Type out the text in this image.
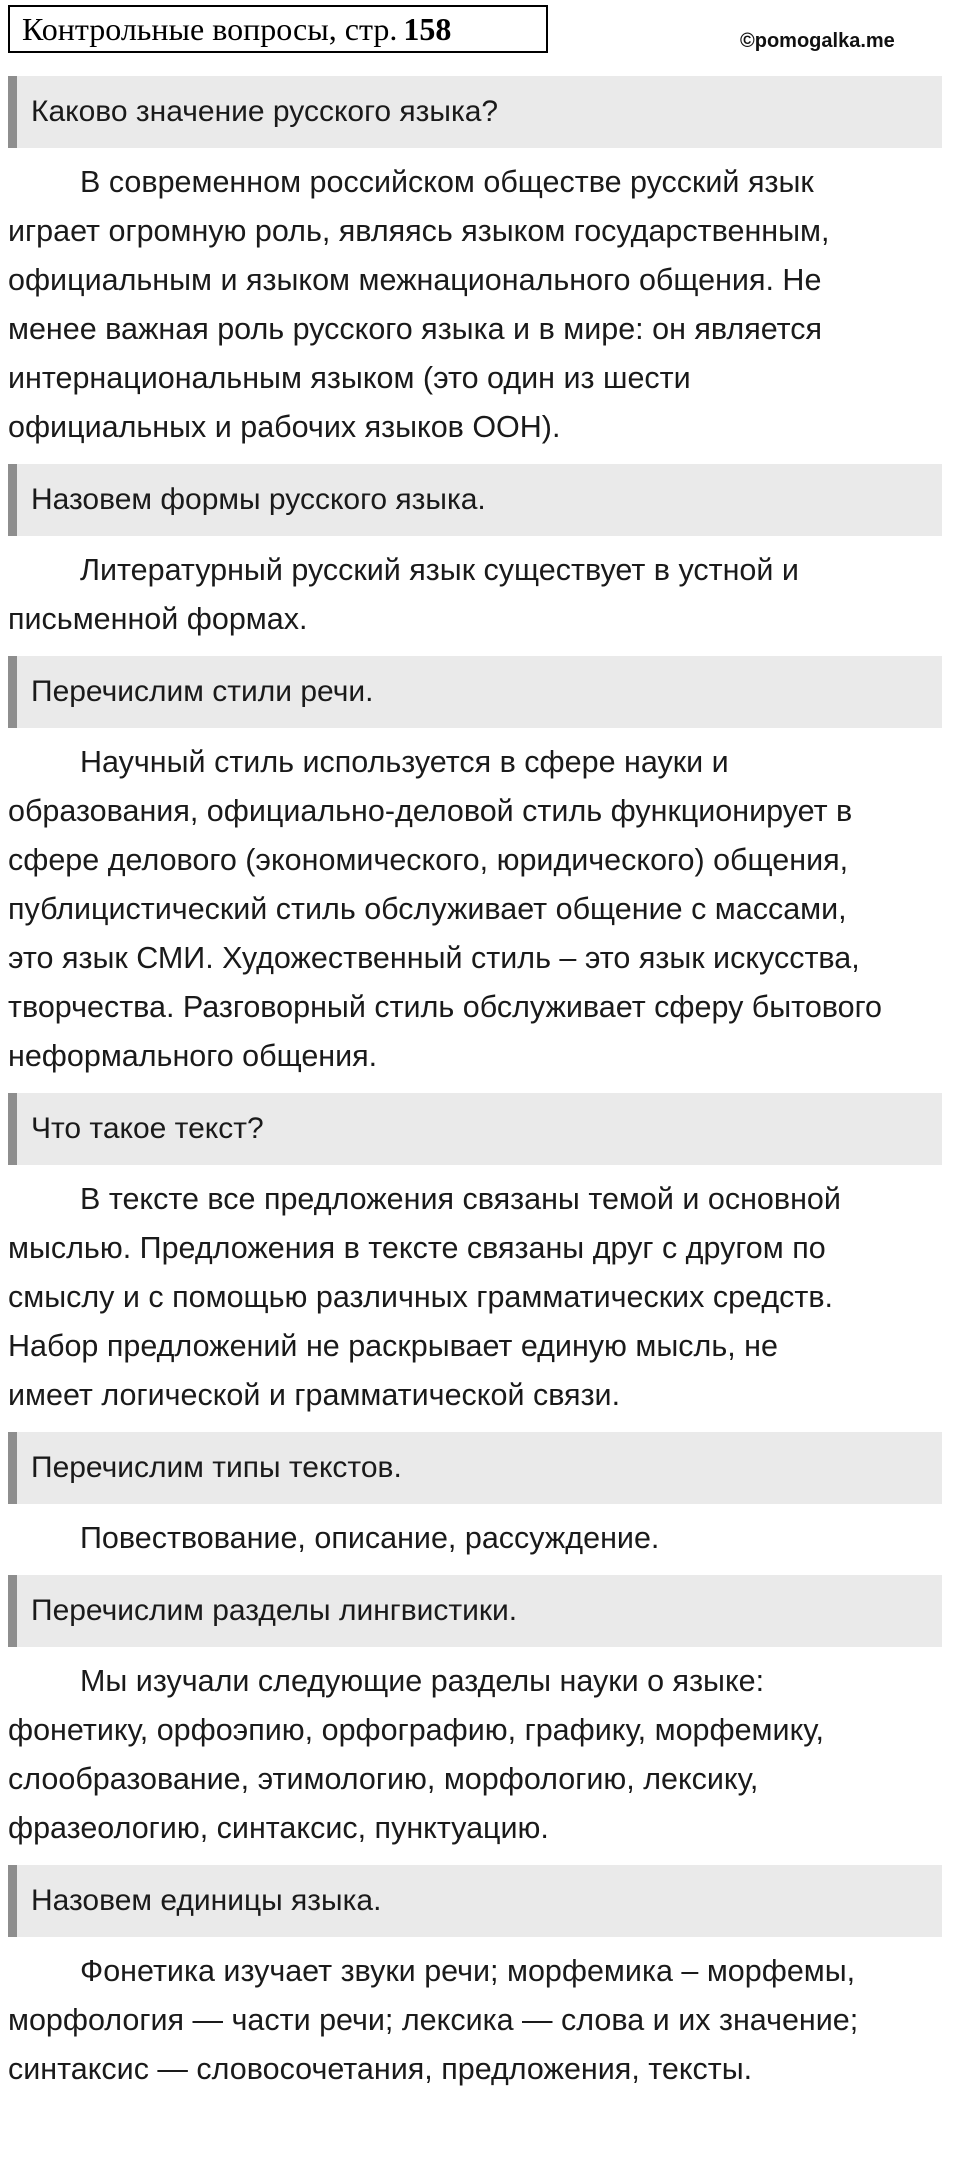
Контрольные вопросы, стр. 158	©pomogalka.me
Каково значение русского языка?
В современном российском обществе русский язык
играет огромную роль, являясь языком государственным,
официальным и языком межнационального общения. Не
менее важная роль русского языка и в мире: он является
интернациональным языком (это один из шести
официальных и рабочих языков ООН).
Назовем формы русского языка.
Литературный русский язык существует в устной и
письменной формах.
Перечислим стили речи.
Научный стиль используется в сфере науки и
образования, официально-деловой стиль функционирует в
сфере делового (экономического, юридического) общения,
публицистический стиль обслуживает общение с массами,
это язык СМИ. Художественный стиль – это язык искусства,
творчества. Разговорный стиль обслуживает сферу бытового
неформального общения.
Что такое текст?
В тексте все предложения связаны темой и основной
мыслью. Предложения в тексте связаны друг с другом по
смыслу и с помощью различных грамматических средств.
Набор предложений не раскрывает единую мысль, не
имеет логической и грамматической связи.
Перечислим типы текстов.
Повествование, описание, рассуждение.
Перечислим разделы лингвистики.
Мы изучали следующие разделы науки о языке:
фонетику, орфоэпию, орфографию, графику, морфемику,
слообразование, этимологию, морфологию, лексику,
фразеологию, синтаксис, пунктуацию.
Назовем единицы языка.
Фонетика изучает звуки речи; морфемика – морфемы,
морфология — части речи; лексика — слова и их значение;
синтаксис — словосочетания, предложения, тексты.
